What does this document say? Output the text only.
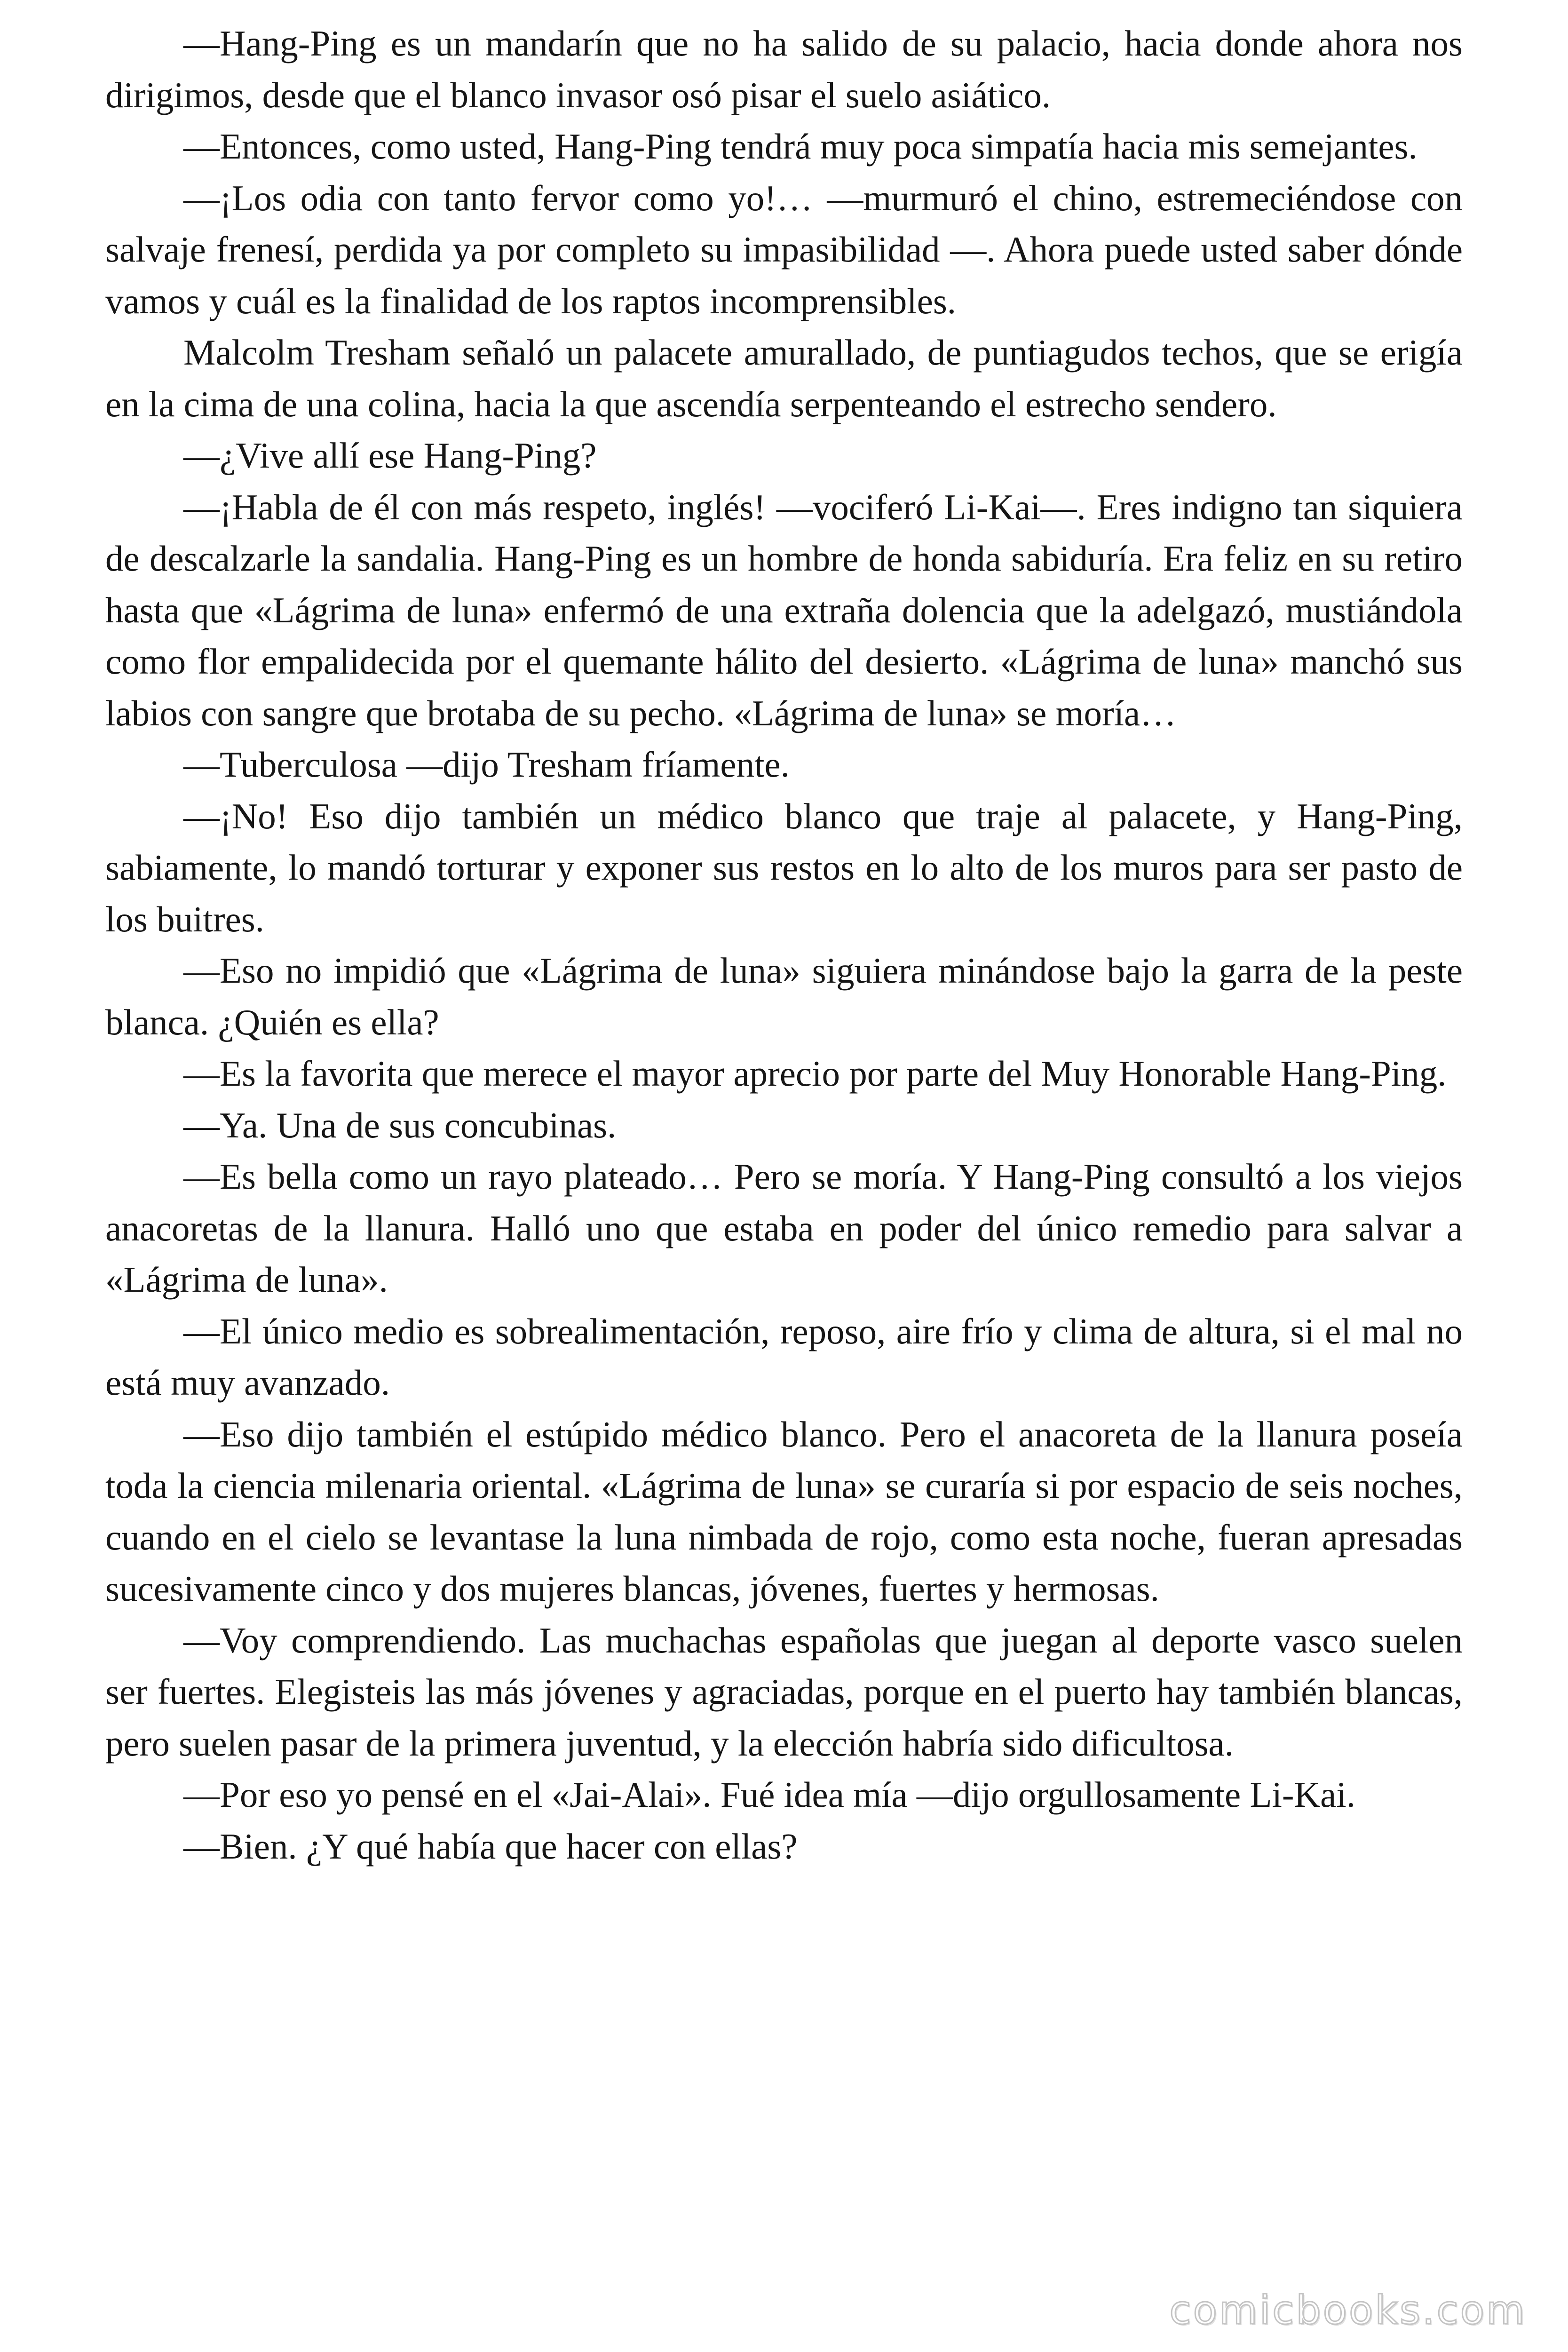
—Hang-Ping es un mandarín que no ha salido de su palacio, hacia donde ahora nos dirigimos, desde que el blanco invasor osó pisar el suelo asiático.

—Entonces, como usted, Hang-Ping tendrá muy poca simpatía hacia mis semejantes.

—¡Los odia con tanto fervor como yo!… —murmuró el chino, estremeciéndose con salvaje frenesí, perdida ya por completo su impasibilidad —. Ahora puede usted saber dónde vamos y cuál es la finalidad de los raptos incomprensibles.

Malcolm Tresham señaló un palacete amurallado, de puntiagudos techos, que se erigía en la cima de una colina, hacia la que ascendía serpenteando el estrecho sendero.

—¿Vive allí ese Hang-Ping?

—¡Habla de él con más respeto, inglés! —vociferó Li-Kai—. Eres indigno tan siquiera de descalzarle la sandalia. Hang-Ping es un hombre de honda sabiduría. Era feliz en su retiro hasta que «Lágrima de luna» enfermó de una extraña dolencia que la adelgazó, mustiándola como flor empalidecida por el quemante hálito del desierto. «Lágrima de luna» manchó sus labios con sangre que brotaba de su pecho. «Lágrima de luna» se moría…

—Tuberculosa —dijo Tresham fríamente.

—¡No! Eso dijo también un médico blanco que traje al palacete, y Hang-Ping, sabiamente, lo mandó torturar y exponer sus restos en lo alto de los muros para ser pasto de los buitres.

—Eso no impidió que «Lágrima de luna» siguiera minándose bajo la garra de la peste blanca. ¿Quién es ella?

—Es la favorita que merece el mayor aprecio por parte del Muy Honorable Hang-Ping.

—Ya. Una de sus concubinas.

—Es bella como un rayo plateado… Pero se moría. Y Hang-Ping consultó a los viejos anacoretas de la llanura. Halló uno que estaba en poder del único remedio para salvar a «Lágrima de luna».

—El único medio es sobrealimentación, reposo, aire frío y clima de altura, si el mal no está muy avanzado.

—Eso dijo también el estúpido médico blanco. Pero el anacoreta de la llanura poseía toda la ciencia milenaria oriental. «Lágrima de luna» se curaría si por espacio de seis noches, cuando en el cielo se levantase la luna nimbada de rojo, como esta noche, fueran apresadas sucesivamente cinco y dos mujeres blancas, jóvenes, fuertes y hermosas.

—Voy comprendiendo. Las muchachas españolas que juegan al deporte vasco suelen ser fuertes. Elegisteis las más jóvenes y agraciadas, porque en el puerto hay también blancas, pero suelen pasar de la primera juventud, y la elección habría sido dificultosa.

—Por eso yo pensé en el «Jai-Alai». Fué idea mía —dijo orgullosamente Li-Kai.

—Bien. ¿Y qué había que hacer con ellas?

comicbooks.com
